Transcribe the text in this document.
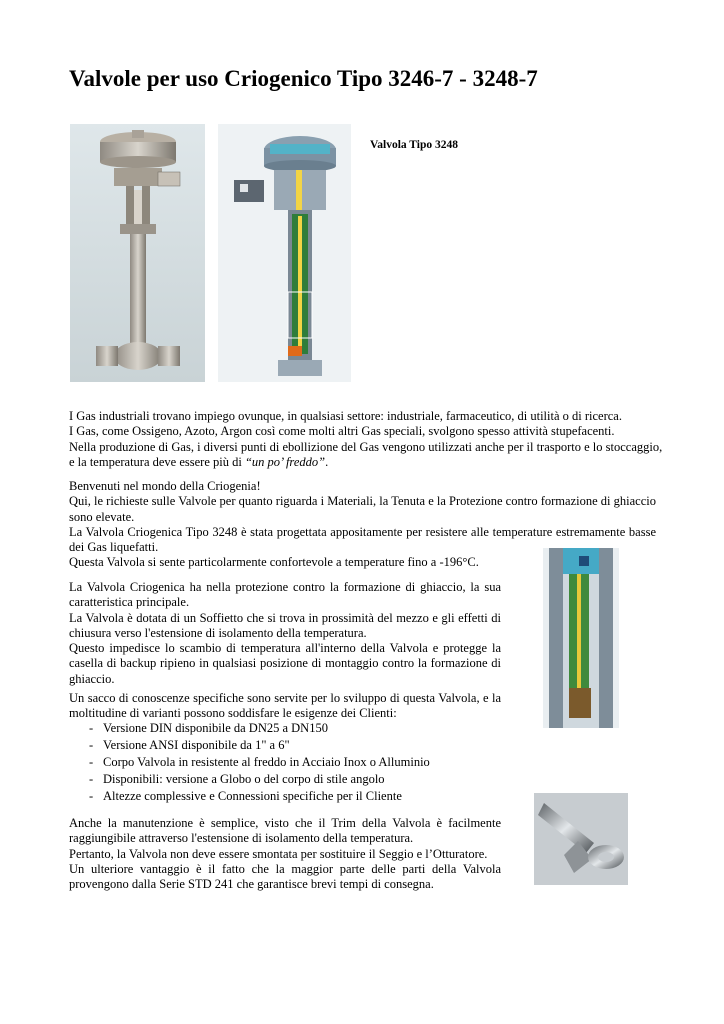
Valvole per uso Criogenico Tipo 3246-7 - 3248-7
Valvola Tipo 3248

I Gas industriali trovano impiego ovunque, in qualsiasi settore: industriale, farmaceutico, di utilità o di ricerca.

I Gas, come Ossigeno, Azoto, Argon così come molti altri Gas speciali, svolgono spesso attività stupefacenti.

Nella produzione di Gas, i diversi punti di ebollizione del Gas vengono utilizzati anche per il trasporto e lo stoccaggio, e la temperatura deve essere più di “un po’ freddo”.

Benvenuti nel mondo della Criogenia!

Qui, le richieste sulle Valvole per quanto riguarda i Materiali, la Tenuta e la Protezione contro formazione di ghiaccio sono elevate.

La Valvola Criogenica Tipo 3248 è stata progettata appositamente per resistere alle temperature estremamente basse dei Gas liquefatti.

Questa Valvola si sente particolarmente confortevole a temperature fino a -196°C.

La Valvola Criogenica ha nella protezione contro la formazione di ghiaccio, la sua caratteristica principale.

La Valvola è dotata di un Soffietto che si trova in prossimità del mezzo e gli effetti di chiusura verso l'estensione di isolamento della temperatura.

Questo impedisce lo scambio di temperatura all'interno della Valvola e protegge la casella di backup ripieno in qualsiasi posizione di montaggio contro la formazione di ghiaccio.

Un sacco di conoscenze specifiche sono servite per lo sviluppo di questa Valvola, e la moltitudine di varianti possono soddisfare le esigenze dei Clienti:

- Versione DIN disponibile da DN25 a DN150
- Versione ANSI disponibile da 1" a 6"
- Corpo Valvola in resistente al freddo in Acciaio Inox o Alluminio
- Disponibili: versione a Globo o del corpo di stile angolo
- Altezze complessive e Connessioni specifiche per il Cliente

Anche la manutenzione è semplice, visto che il Trim della Valvola è facilmente raggiungibile attraverso l'estensione di isolamento della temperatura.

Pertanto, la Valvola non deve essere smontata per sostituire il Seggio e l’Otturatore.

Un ulteriore vantaggio è il fatto che la maggior parte delle parti della Valvola provengono dalla Serie STD 241 che garantisce brevi tempi di consegna.
